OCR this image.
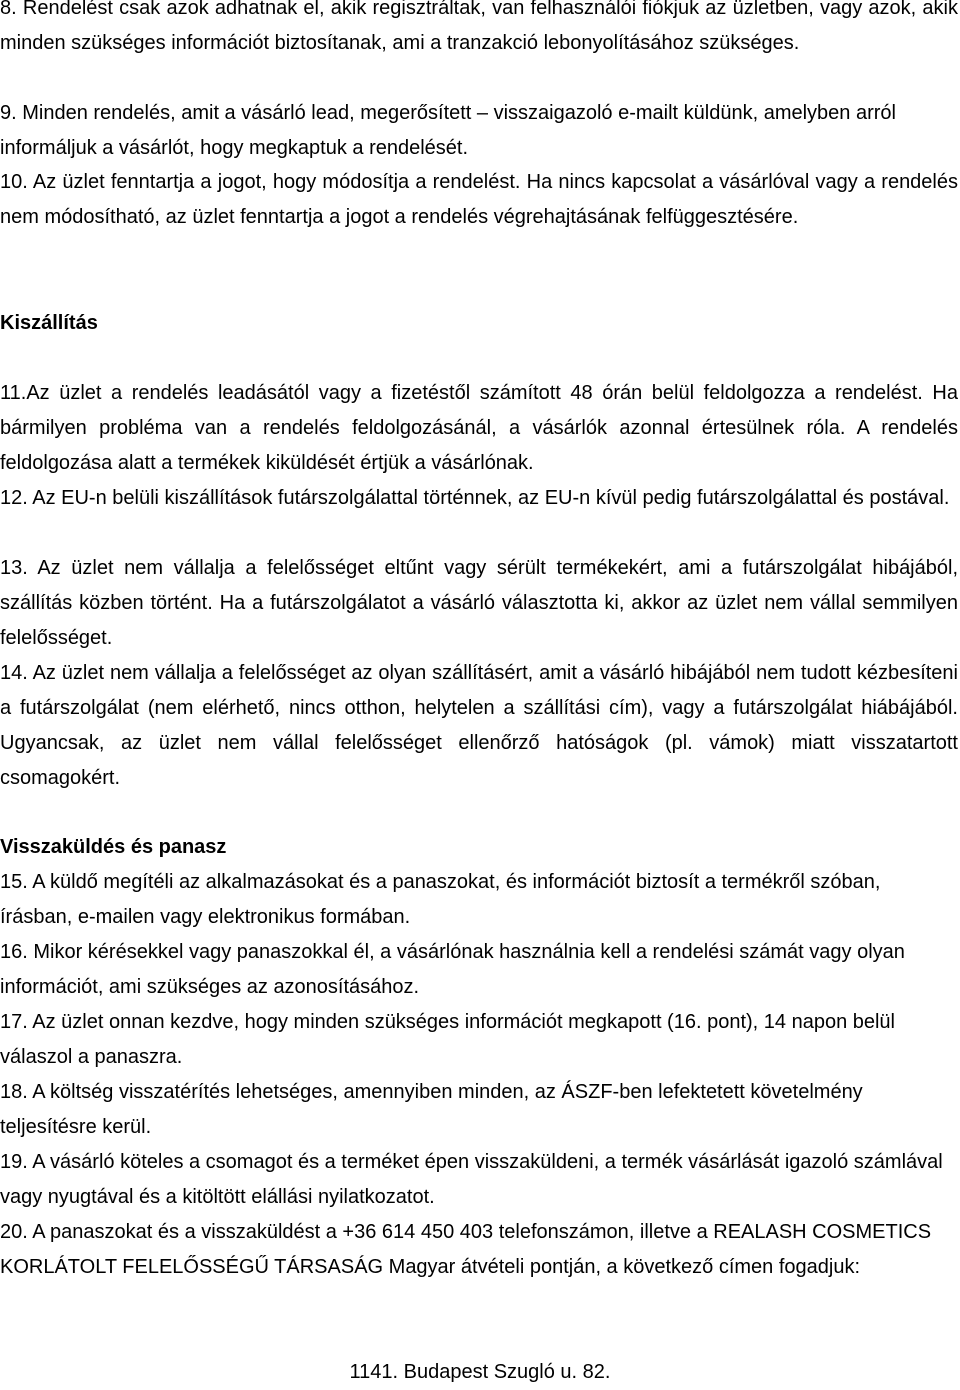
8. Rendelést csak azok adhatnak el, akik regisztráltak, van felhasználói fiókjuk az üzletben, vagy azok, akik minden szükséges információt biztosítanak, ami a tranzakció lebonyolításához szükséges.

9. Minden rendelés, amit a vásárló lead, megerősített – visszaigazoló e-mailt küldünk, amelyben arról informáljuk a vásárlót, hogy megkaptuk a rendelését.

10. Az üzlet fenntartja a jogot, hogy módosítja a rendelést. Ha nincs kapcsolat a vásárlóval vagy a rendelés nem módosítható, az üzlet fenntartja a jogot a rendelés végrehajtásának felfüggesztésére.

Kiszállítás

11.Az üzlet a rendelés leadásától vagy a fizetéstől számított 48 órán belül feldolgozza a rendelést. Ha bármilyen probléma van a rendelés feldolgozásánál, a vásárlók azonnal értesülnek róla. A rendelés feldolgozása alatt a termékek kiküldését értjük a vásárlónak.

12. Az EU-n belüli kiszállítások futárszolgálattal történnek, az EU-n kívül pedig futárszolgálattal és postával.

13. Az üzlet nem vállalja a felelősséget eltűnt vagy sérült termékekért, ami a futárszolgálat hibájából, szállítás közben történt. Ha a futárszolgálatot a vásárló választotta ki, akkor az üzlet nem vállal semmilyen felelősséget.

14. Az üzlet nem vállalja a felelősséget az olyan szállításért, amit a vásárló hibájából nem tudott kézbesíteni a futárszolgálat (nem elérhető, nincs otthon, helytelen a szállítási cím), vagy a futárszolgálat hiábájából. Ugyancsak, az üzlet nem vállal felelősséget ellenőrző hatóságok (pl. vámok) miatt visszatartott csomagokért.

Visszaküldés és panasz

15. A küldő megítéli az alkalmazásokat és a panaszokat, és információt biztosít a termékről szóban, írásban, e-mailen vagy elektronikus formában.

16. Mikor kérésekkel vagy panaszokkal él, a vásárlónak használnia kell a rendelési számát vagy olyan információt, ami szükséges az azonosításához.

17. Az üzlet onnan kezdve, hogy minden szükséges információt megkapott (16. pont), 14 napon belül válaszol a panaszra.

18. A költség visszatérítés lehetséges, amennyiben minden, az ÁSZF-ben lefektetett követelmény teljesítésre kerül.

19. A vásárló köteles a csomagot és a terméket épen visszaküldeni, a termék vásárlását igazoló számlával vagy nyugtával és a kitöltött elállási nyilatkozatot.

20. A panaszokat és a visszaküldést a +36 614 450 403 telefonszámon, illetve a REALASH COSMETICS KORLÁTOLT FELELŐSSÉGŰ TÁRSASÁG Magyar átvételi pontján, a következő címen fogadjuk:

1141. Budapest Szugló u. 82.
